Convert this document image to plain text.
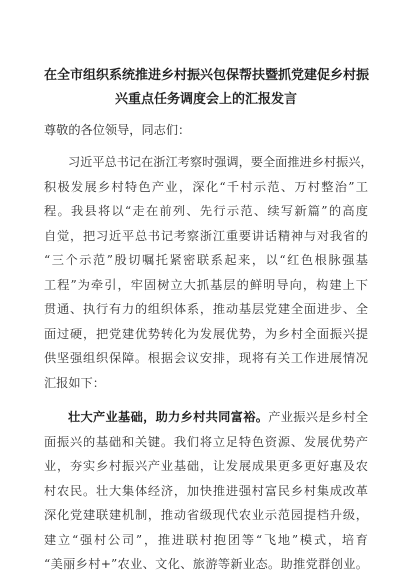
在全市组织系统推进乡村振兴包保帮扶暨抓党建促乡村振
兴重点任务调度会上的汇报发言
尊敬的各位领导，同志们：
习近平总书记在浙江考察时强调，要全面推进乡村振兴，
积极发展乡村特色产业，深化“千村示范、万村整治”工
程。我县将以“走在前列、先行示范、续写新篇”的高度
自觉，把习近平总书记考察浙江重要讲话精神与对我省的
“三个示范”殷切嘱托紧密联系起来，以“红色根脉强基
工程”为牵引，牢固树立大抓基层的鲜明导向，构建上下
贯通、执行有力的组织体系，推动基层党建全面进步、全
面过硬，把党建优势转化为发展优势，为乡村全面振兴提
供坚强组织保障。根据会议安排，现将有关工作进展情况
汇报如下：
壮大产业基础，助力乡村共同富裕。产业振兴是乡村全
面振兴的基础和关键。我们将立足特色资源、发展优势产
业，夯实乡村振兴产业基础，让发展成果更多更好惠及农
村农民。壮大集体经济，加快推进强村富民乡村集成改革
深化党建联建机制，推动省级现代农业示范园提档升级，
建立“强村公司”，推进联村抱团等“飞地”模式，培育
“美丽乡村+”农业、文化、旅游等新业态。助推党群创业。
